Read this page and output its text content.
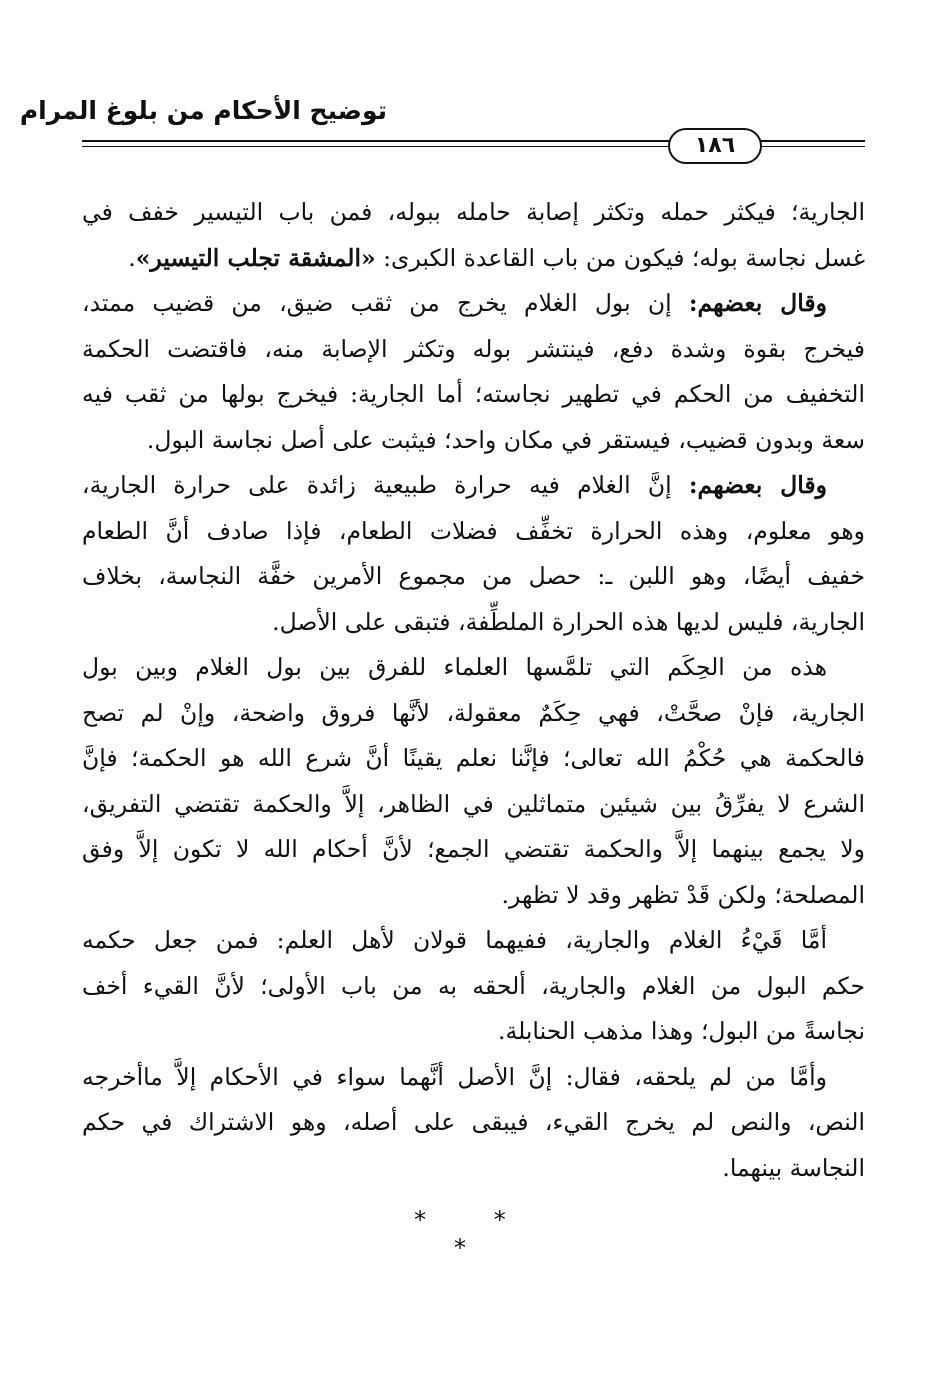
توضيح الأحكام من بلوغ المرام
١٨٦
الجارية؛ فيكثر حمله وتكثر إصابة حامله ببوله، فمن باب التيسير خفف في
غسل نجاسة بوله؛ فيكون من باب القاعدة الكبرى: «المشقة تجلب التيسير».
وقال بعضهم: إن بول الغلام يخرج من ثقب ضيق، من قضيب ممتد،
فيخرج بقوة وشدة دفع، فينتشر بوله وتكثر الإصابة منه، فاقتضت الحكمة
التخفيف من الحكم في تطهير نجاسته؛ أما الجارية: فيخرج بولها من ثقب فيه
سعة وبدون قضيب، فيستقر في مكان واحد؛ فيثبت على أصل نجاسة البول.
وقال بعضهم: إنَّ الغلام فيه حرارة طبيعية زائدة على حرارة الجارية،
وهو معلوم، وهذه الحرارة تخفِّف فضلات الطعام، فإذا صادف أنَّ الطعام
خفيف أيضًا، وهو اللبن ـ: حصل من مجموع الأمرين خفَّة النجاسة، بخلاف
الجارية، فليس لديها هذه الحرارة الملطِّفة، فتبقى على الأصل.
هذه من الحِكَم التي تلمَّسها العلماء للفرق بين بول الغلام وبين بول
الجارية، فإنْ صحَّتْ، فهي حِكَمٌ معقولة، لأنَّها فروق واضحة، وإنْ لم تصح
فالحكمة هي حُكْمُ الله تعالى؛ فإنَّنا نعلم يقينًا أنَّ شرع الله هو الحكمة؛ فإنَّ
الشرع لا يفرِّقُ بين شيئين متماثلين في الظاهر، إلاَّ والحكمة تقتضي التفريق،
ولا يجمع بينهما إلاَّ والحكمة تقتضي الجمع؛ لأنَّ أحكام الله لا تكون إلاَّ وفق
المصلحة؛ ولكن قَدْ تظهر وقد لا تظهر.
أمَّا قَيْءُ الغلام والجارية، ففيهما قولان لأهل العلم: فمن جعل حكمه
حكم البول من الغلام والجارية، ألحقه به من باب الأولى؛ لأنَّ القيء أخف
نجاسةً من البول؛ وهذا مذهب الحنابلة.
وأمَّا من لم يلحقه، فقال: إنَّ الأصل أنَّهما سواء في الأحكام إلاَّ ماأخرجه
النص، والنص لم يخرج القيء، فيبقى على أصله، وهو الاشتراك في حكم
النجاسة بينهما.
* * *
